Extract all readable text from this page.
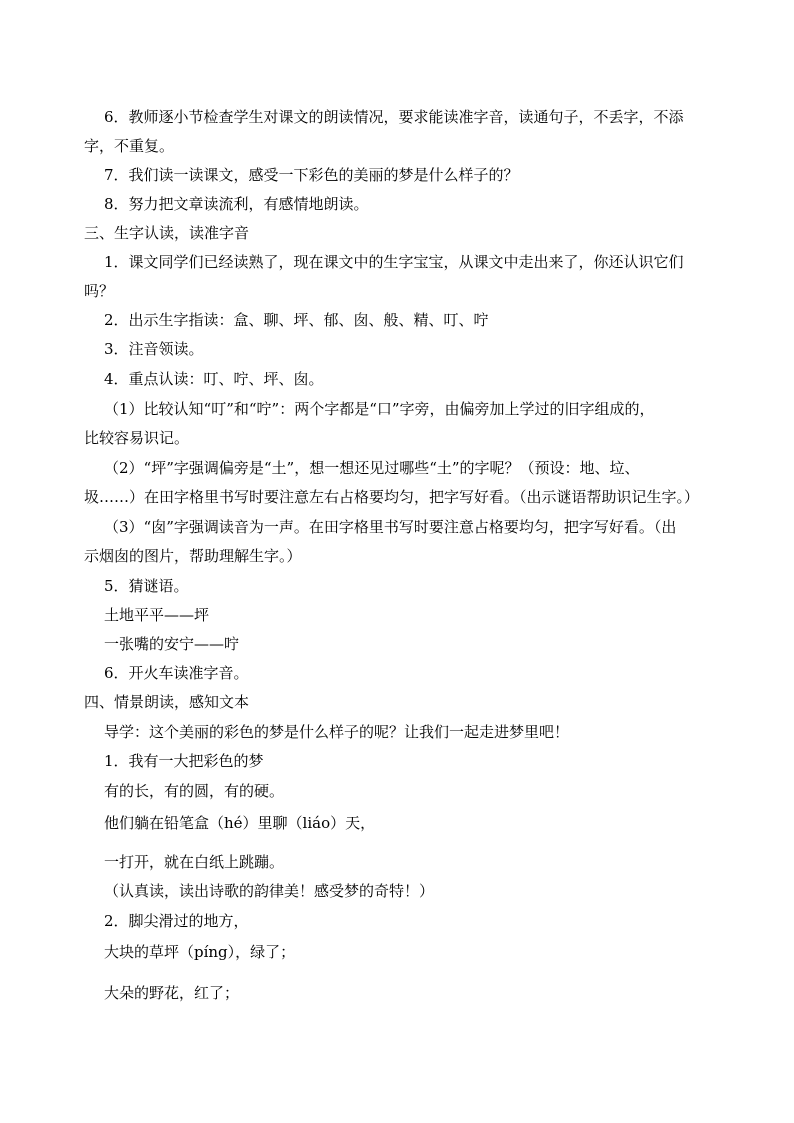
6．教师逐小节检查学生对课文的朗读情况，要求能读准字音，读通句子，不丢字，不添
字，不重复。
7．我们读一读课文，感受一下彩色的美丽的梦是什么样子的？
8．努力把文章读流利，有感情地朗读。
三、生字认读，读准字音
1．课文同学们已经读熟了，现在课文中的生字宝宝，从课文中走出来了，你还认识它们
吗？
2．出示生字指读：盒、聊、坪、郁、囱、般、精、叮、咛
3．注音领读。
4．重点认读：叮、咛、坪、囱。
（1）比较认知“叮”和“咛”：两个字都是“口”字旁，由偏旁加上学过的旧字组成的，
比较容易识记。
（2）“坪”字强调偏旁是“土”，想一想还见过哪些“土”的字呢？（预设：地、垃、
圾……）在田字格里书写时要注意左右占格要均匀，把字写好看。（出示谜语帮助识记生字。）
（3）“囱”字强调读音为一声。在田字格里书写时要注意占格要均匀，把字写好看。（出
示烟囱的图片，帮助理解生字。）
5．猜谜语。
土地平平——坪
一张嘴的安宁——咛
6．开火车读准字音。
四、情景朗读，感知文本
导学：这个美丽的彩色的梦是什么样子的呢？让我们一起走进梦里吧！
1．我有一大把彩色的梦
有的长，有的圆，有的硬。
他们躺在铅笔盒（hé）里聊（liáo）天，
一打开，就在白纸上跳蹦。
（认真读，读出诗歌的韵律美！感受梦的奇特！）
2．脚尖滑过的地方，
大块的草坪（píng），绿了；
大朵的野花，红了；
